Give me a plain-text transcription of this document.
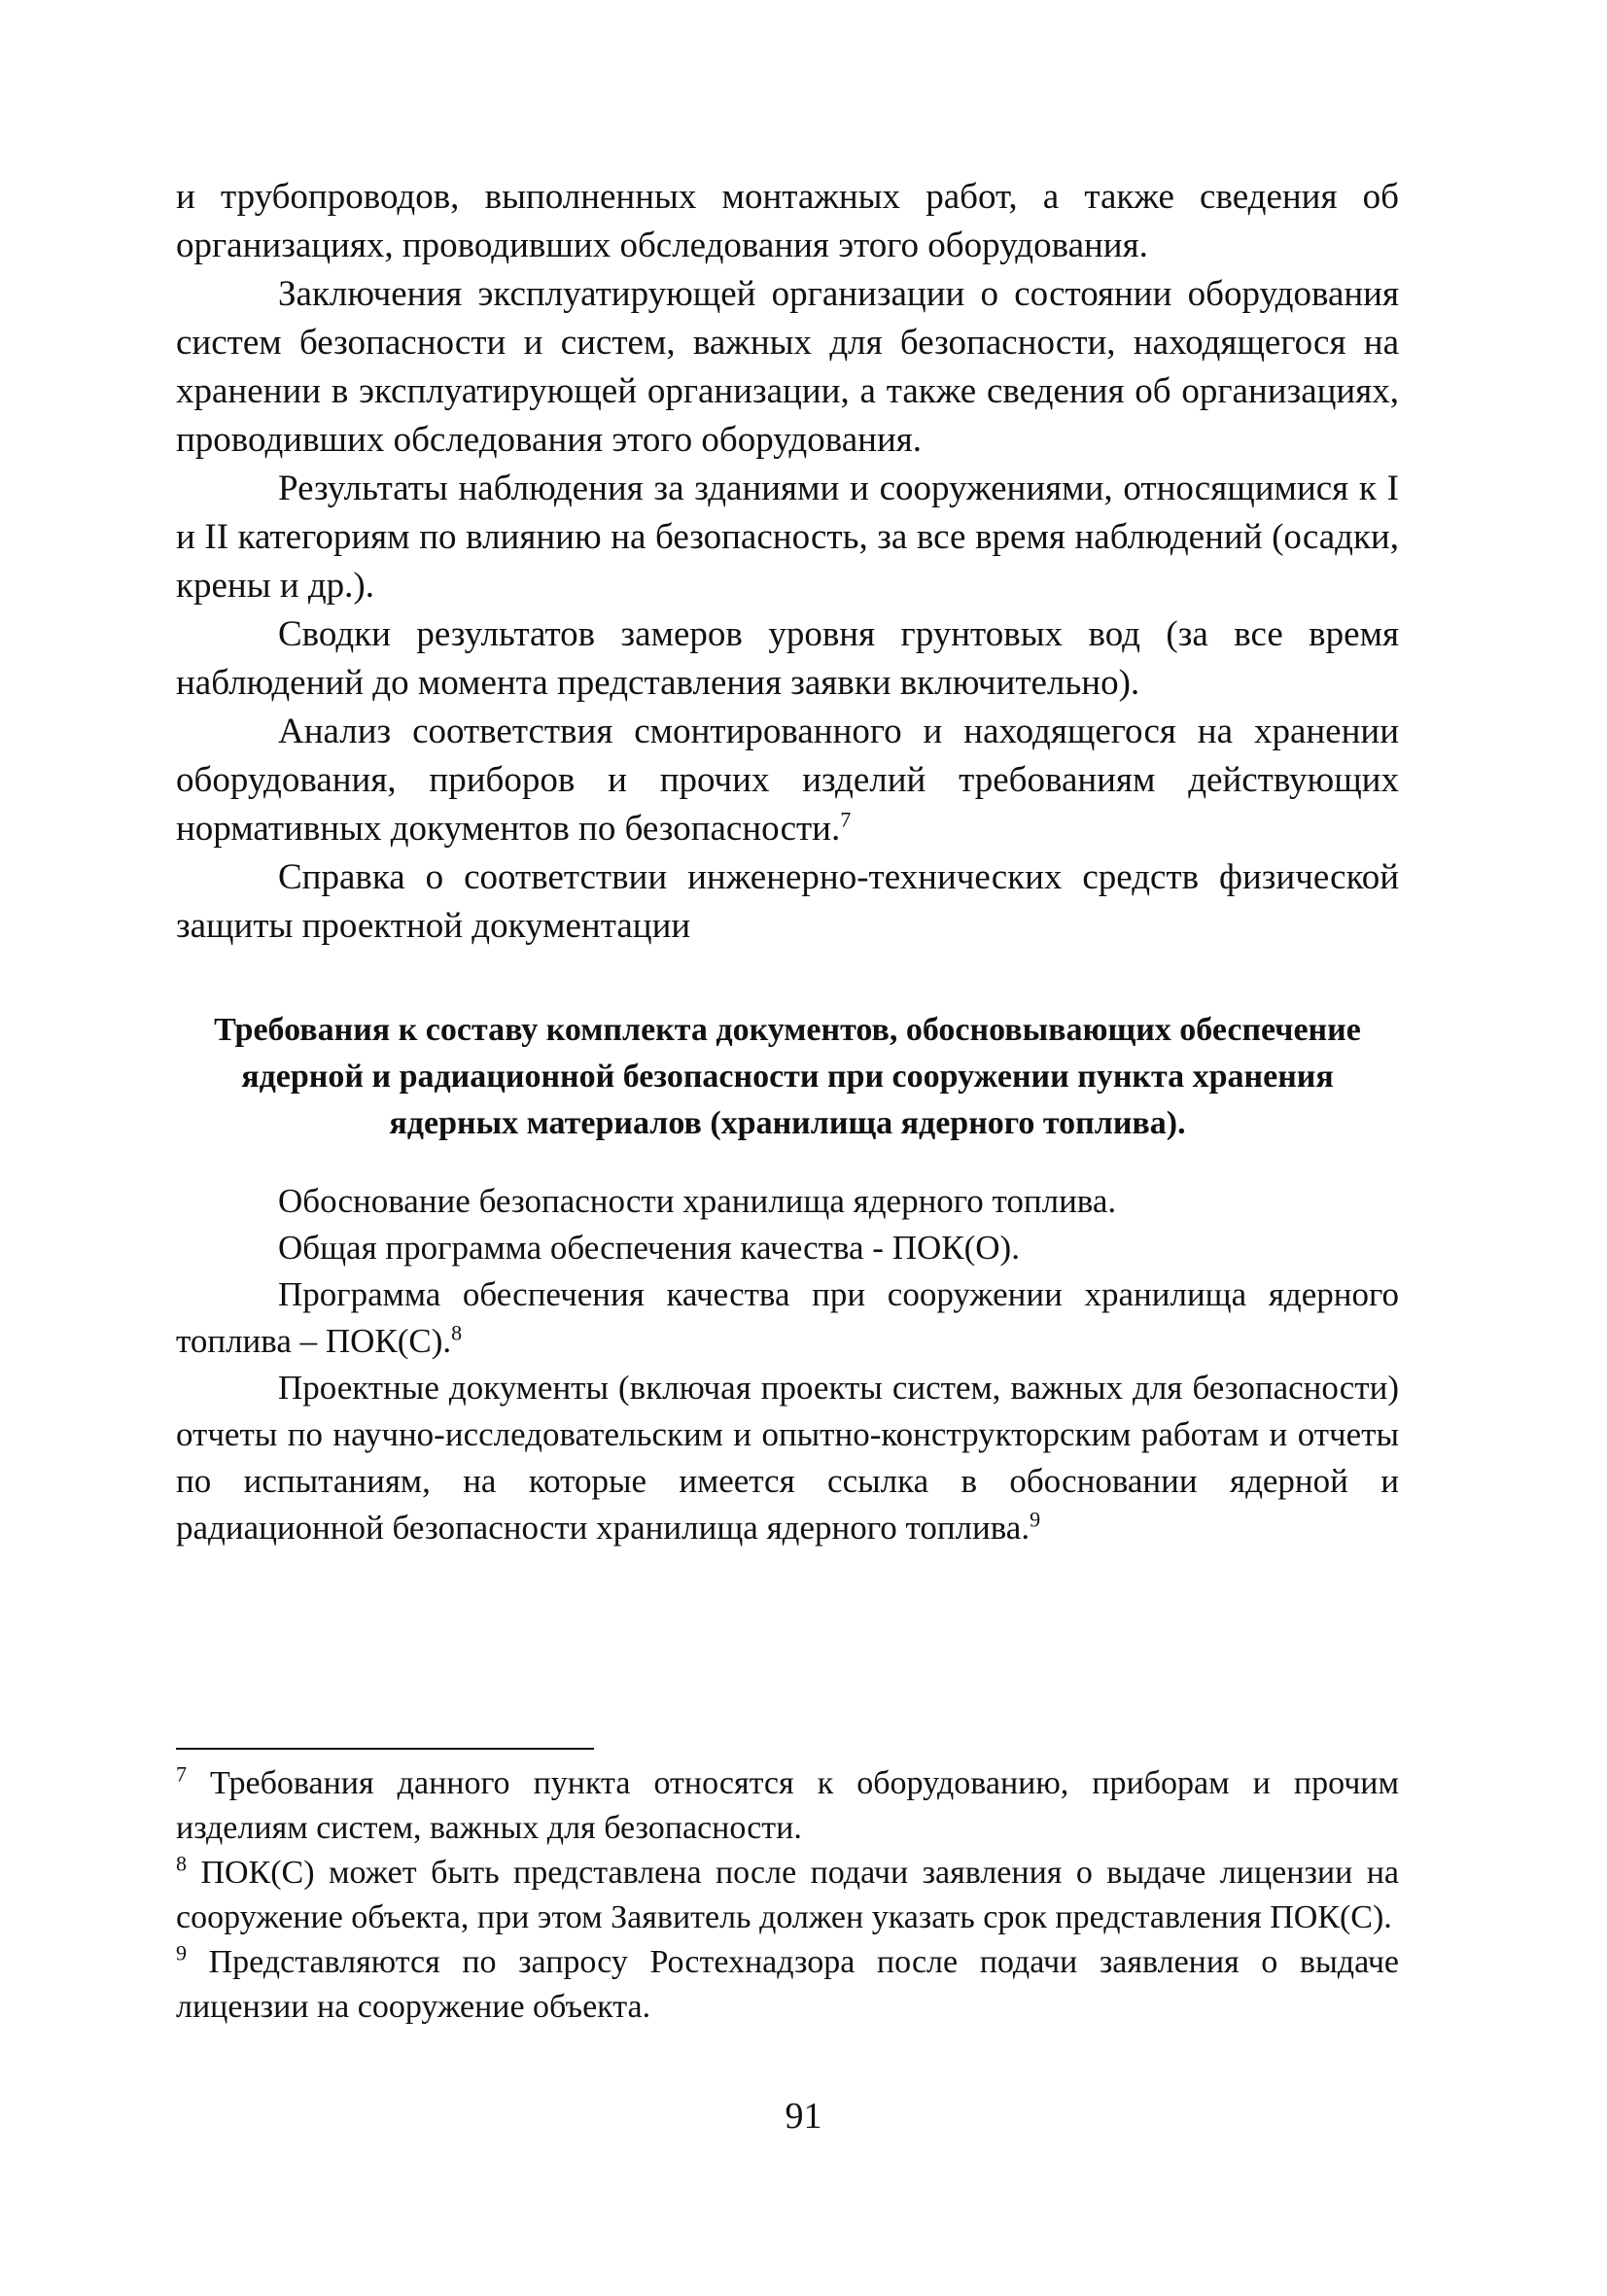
и трубопроводов, выполненных монтажных работ, а также сведения об организациях, проводивших обследования этого оборудования.

Заключения эксплуатирующей организации о состоянии оборудования систем безопасности и систем, важных для безопасности, находящегося на хранении в эксплуатирующей организации, а также сведения об организациях, проводивших обследования этого оборудования.

Результаты наблюдения за зданиями и сооружениями, относящимися к I и II категориям по влиянию на безопасность, за все время наблюдений (осадки, крены и др.).

Сводки результатов замеров уровня грунтовых вод (за все время наблюдений до момента представления заявки включительно).

Анализ соответствия смонтированного и находящегося на хранении оборудования, приборов и прочих изделий требованиям действующих нормативных документов по безопасности.$^7$

Справка о соответствии инженерно-технических средств физической защиты проектной документации

Требования к составу комплекта документов, обосновывающих обеспечение ядерной и радиационной безопасности при сооружении пункта хранения ядерных материалов (хранилища ядерного топлива).

Обоснование безопасности хранилища ядерного топлива.

Общая программа обеспечения качества - ПОК(О).

Программа обеспечения качества при сооружении хранилища ядерного топлива – ПОК(С).$^8$

Проектные документы (включая проекты систем, важных для безопасности) отчеты по научно-исследовательским и опытно-конструкторским работам и отчеты по испытаниям, на которые имеется ссылка в обосновании ядерной и радиационной безопасности хранилища ядерного топлива.$^9$

$^7$ Требования данного пункта относятся к оборудованию, приборам и прочим изделиям систем, важных для безопасности.

$^8$ ПОК(С) может быть представлена после подачи заявления о выдаче лицензии на сооружение объекта, при этом Заявитель должен указать срок представления ПОК(С).

$^9$ Представляются по запросу Ростехнадзора после подачи заявления о выдаче лицензии на сооружение объекта.

91
